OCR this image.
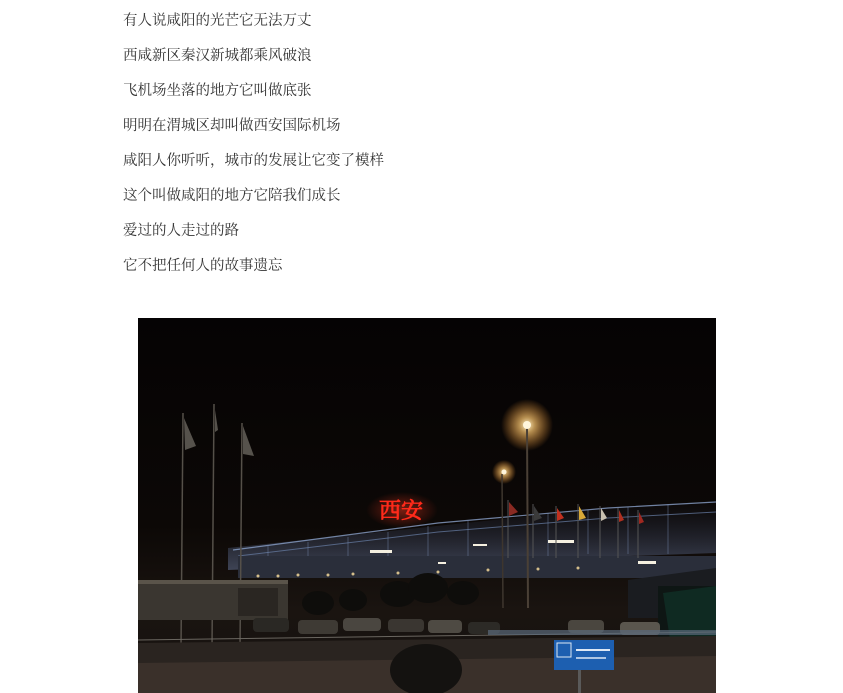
有人说咸阳的光芒它无法万丈
西咸新区秦汉新城都乘风破浪
飞机场坐落的地方它叫做底张
明明在渭城区却叫做西安国际机场
咸阳人你听听，城市的发展让它变了模样
这个叫做咸阳的地方它陪我们成长
爱过的人走过的路
它不把任何人的故事遗忘
西安
